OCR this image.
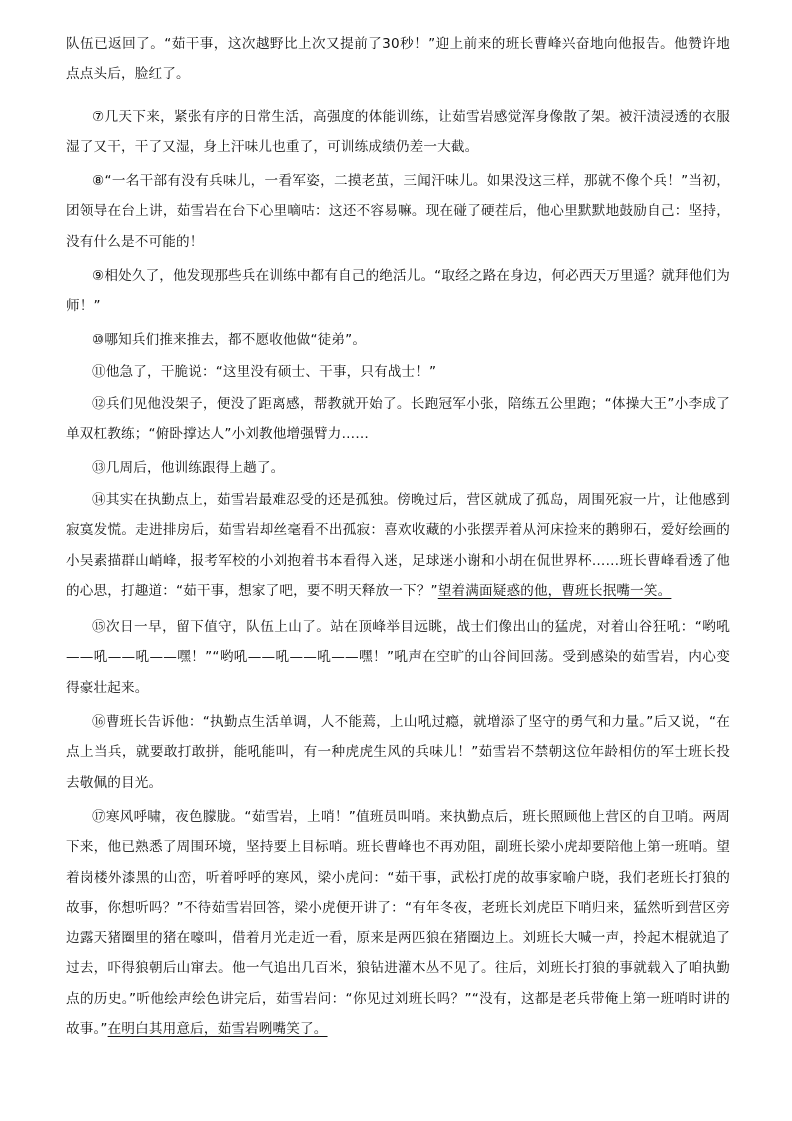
队伍已返回了。“茹干事，这次越野比上次又提前了30秒！”迎上前来的班长曹峰兴奋地向他报告。他赞许地点点头后，脸红了。

⑦几天下来，紧张有序的日常生活，高强度的体能训练，让茹雪岩感觉浑身像散了架。被汗渍浸透的衣服湿了又干，干了又湿，身上汗味儿也重了，可训练成绩仍差一大截。

⑧“一名干部有没有兵味儿，一看军姿，二摸老茧，三闻汗味儿。如果没这三样，那就不像个兵！”当初，团领导在台上讲，茹雪岩在台下心里嘀咕：这还不容易嘛。现在碰了硬茬后，他心里默默地鼓励自己：坚持，没有什么是不可能的！

⑨相处久了，他发现那些兵在训练中都有自己的绝活儿。“取经之路在身边，何必西天万里遥？就拜他们为师！”

⑩哪知兵们推来推去，都不愿收他做“徒弟”。

⑪他急了，干脆说：“这里没有硕士、干事，只有战士！”

⑫兵们见他没架子，便没了距离感，帮教就开始了。长跑冠军小张，陪练五公里跑；“体操大王”小李成了单双杠教练；“俯卧撑达人”小刘教他增强臂力……

⑬几周后，他训练跟得上趟了。

⑭其实在执勤点上，茹雪岩最难忍受的还是孤独。傍晚过后，营区就成了孤岛，周围死寂一片，让他感到寂寞发慌。走进排房后，茹雪岩却丝毫看不出孤寂：喜欢收藏的小张摆弄着从河床捡来的鹅卵石，爱好绘画的小吴素描群山峭峰，报考军校的小刘抱着书本看得入迷，足球迷小谢和小胡在侃世界杯……班长曹峰看透了他的心思，打趣道：“茹干事，想家了吧，要不明天释放一下？”望着满面疑惑的他，曹班长抿嘴一笑。

⑮次日一早，留下值守，队伍上山了。站在顶峰举目远眺，战士们像出山的猛虎，对着山谷狂吼：“哟吼——吼——吼——嘿！”“哟吼——吼——吼——嘿！”吼声在空旷的山谷间回荡。受到感染的茹雪岩，内心变得豪壮起来。

⑯曹班长告诉他：“执勤点生活单调，人不能蔫，上山吼过瘾，就增添了坚守的勇气和力量。”后又说，“在点上当兵，就要敢打敢拼，能吼能叫，有一种虎虎生风的兵味儿！”茹雪岩不禁朝这位年龄相仿的军士班长投去敬佩的目光。

⑰寒风呼啸，夜色朦胧。“茹雪岩，上哨！”值班员叫哨。来执勤点后，班长照顾他上营区的自卫哨。两周下来，他已熟悉了周围环境，坚持要上目标哨。班长曹峰也不再劝阻，副班长梁小虎却要陪他上第一班哨。望着岗楼外漆黑的山峦，听着呼呼的寒风，梁小虎问：“茹干事，武松打虎的故事家喻户晓，我们老班长打狼的故事，你想听吗？”不待茹雪岩回答，梁小虎便开讲了：“有年冬夜，老班长刘虎臣下哨归来，猛然听到营区旁边露天猪圈里的猪在嚎叫，借着月光走近一看，原来是两匹狼在猪圈边上。刘班长大喊一声，拎起木棍就追了过去，吓得狼朝后山窜去。他一气追出几百米，狼钻进灌木丛不见了。往后，刘班长打狼的事就载入了咱执勤点的历史。”听他绘声绘色讲完后，茹雪岩问：“你见过刘班长吗？”“没有，这都是老兵带俺上第一班哨时讲的故事。”在明白其用意后，茹雪岩咧嘴笑了。
